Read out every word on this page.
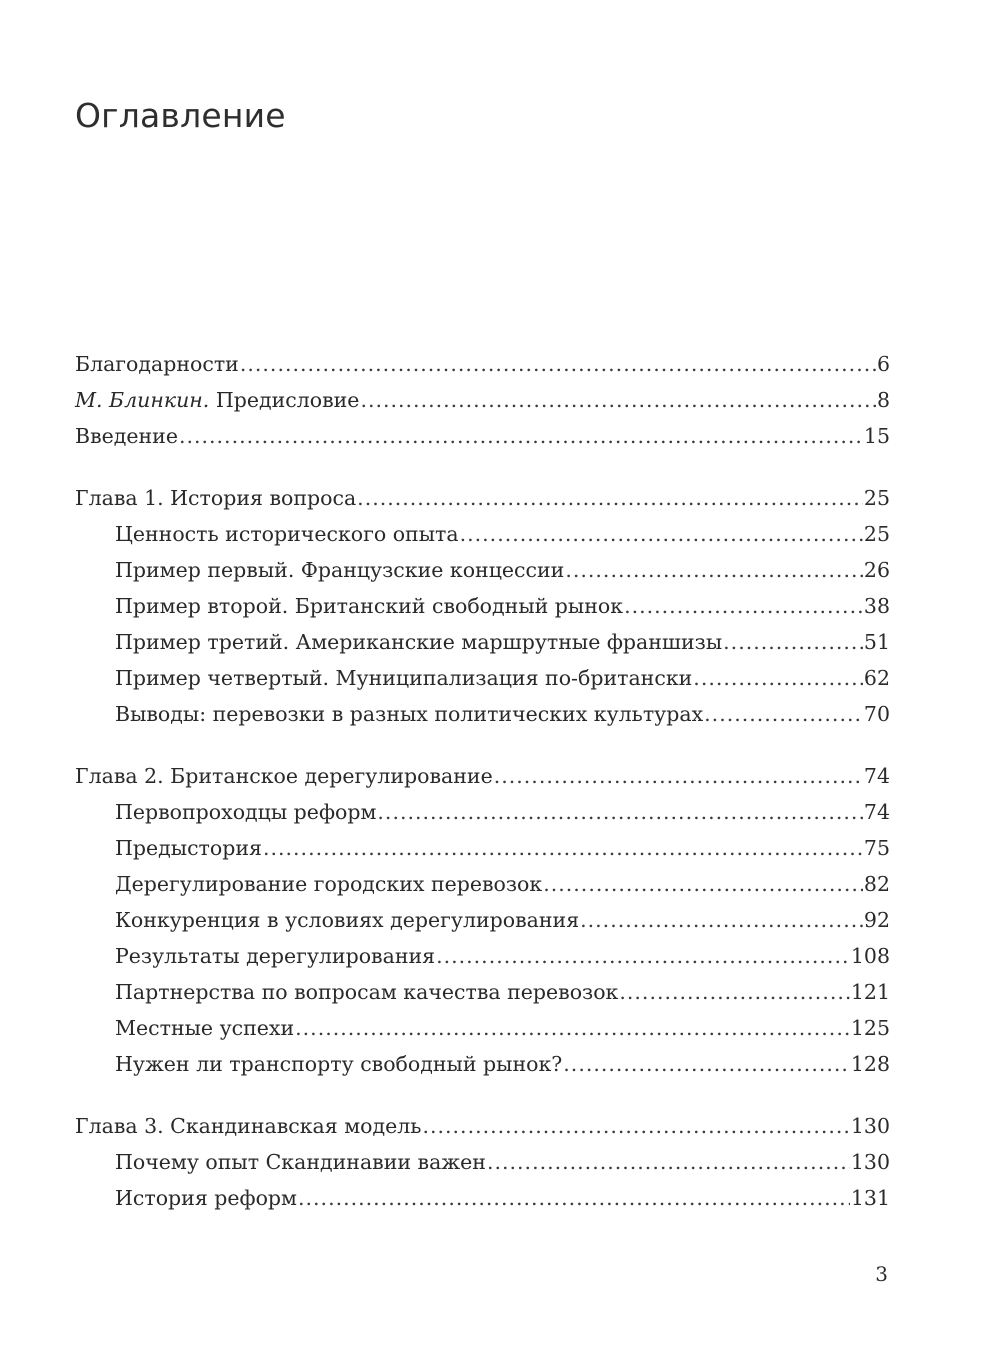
Оглавление
Благодарности .....	6
М. Блинкин. Предисловие .....	8
Введение .....	15
Глава 1. История вопроса .....	25
Ценность исторического опыта .....	25
Пример первый. Французские концессии .....	26
Пример второй. Британский свободный рынок .....	38
Пример третий. Американские маршрутные франшизы .....	51
Пример четвертый. Муниципализация по-британски .....	62
Выводы: перевозки в разных политических культурах .....	70
Глава 2. Британское дерегулирование .....	74
Первопроходцы реформ .....	74
Предыстория .....	75
Дерегулирование городских перевозок .....	82
Конкуренция в условиях дерегулирования .....	92
Результаты дерегулирования .....	108
Партнерства по вопросам качества перевозок .....	121
Местные успехи .....	125
Нужен ли транспорту свободный рынок? .....	128
Глава 3. Скандинавская модель .....	130
Почему опыт Скандинавии важен .....	130
История реформ .....	131
3
